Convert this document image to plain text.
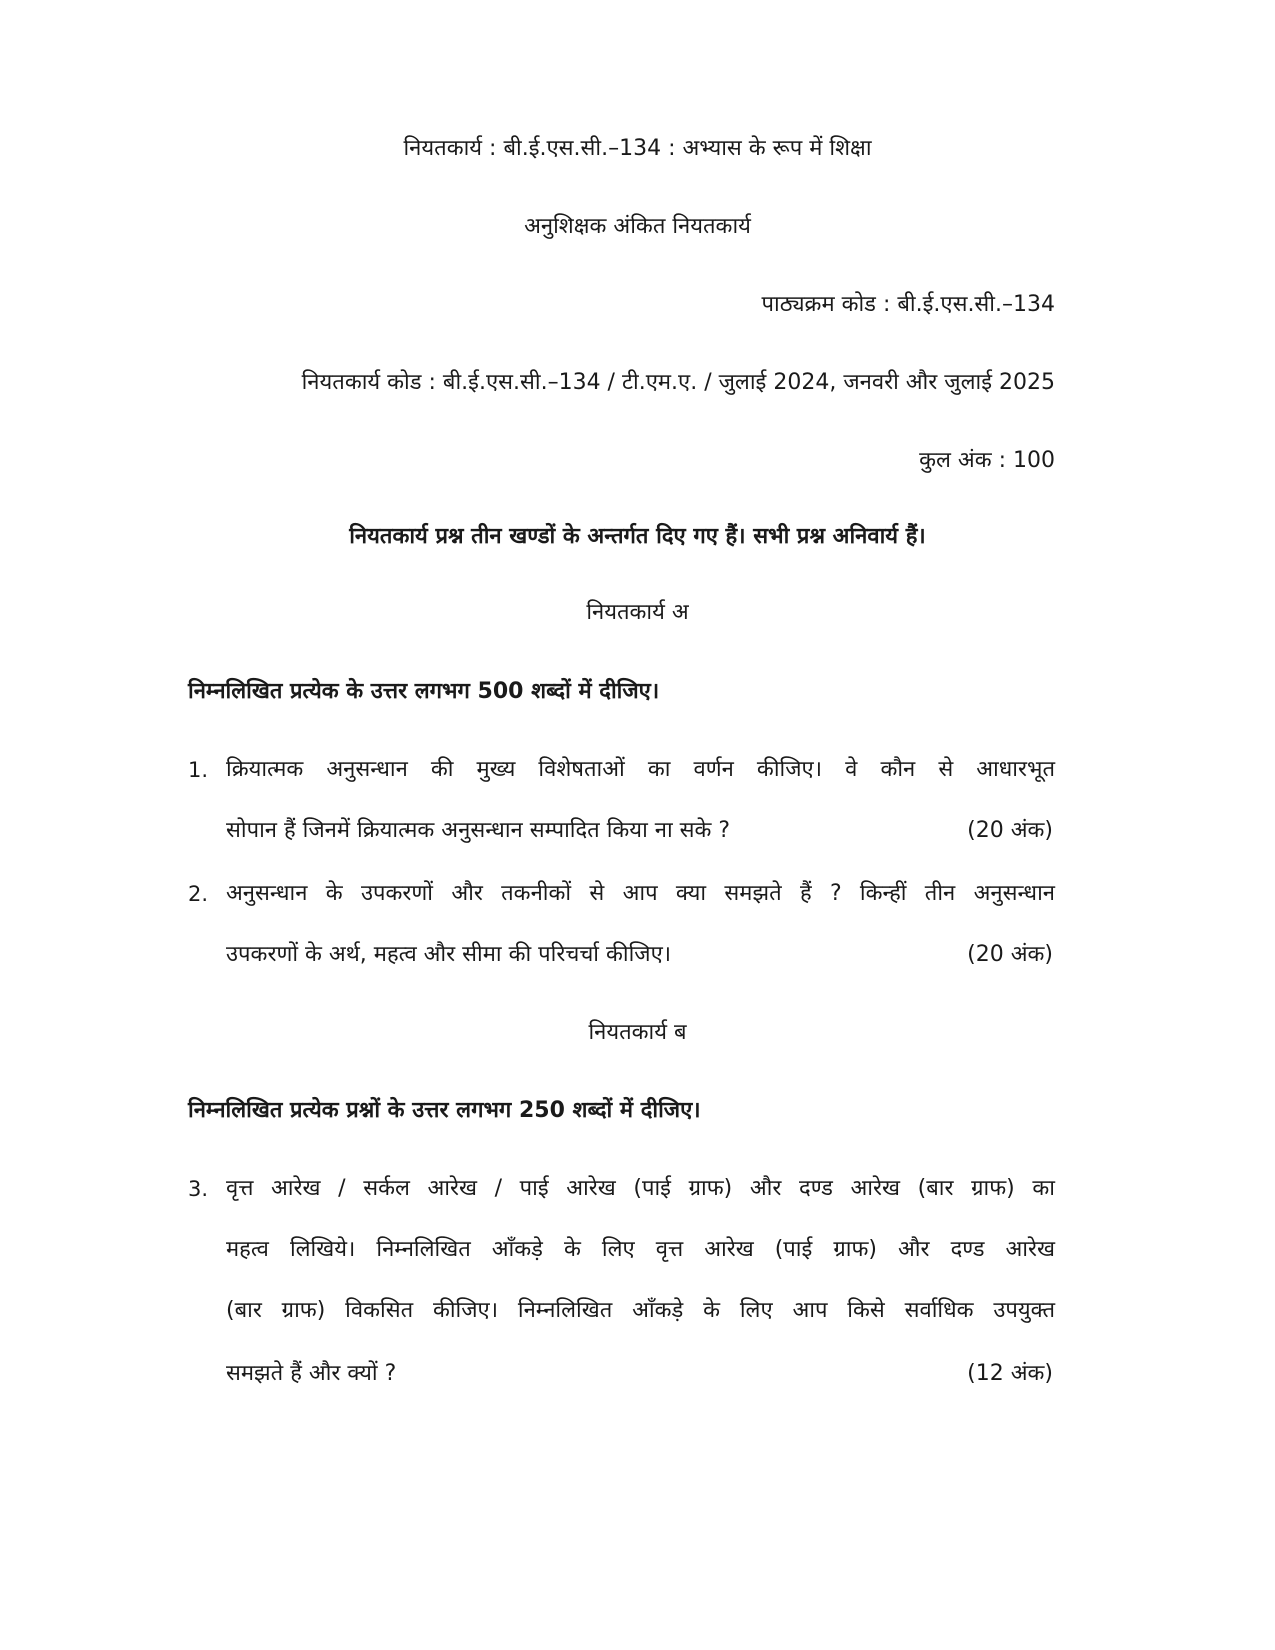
नियतकार्य : बी.ई.एस.सी.–134 : अभ्यास के रूप में शिक्षा
अनुशिक्षक अंकित नियतकार्य
पाठ्यक्रम कोड : बी.ई.एस.सी.–134
नियतकार्य कोड : बी.ई.एस.सी.–134 / टी.एम.ए. / जुलाई 2024, जनवरी और जुलाई 2025
कुल अंक : 100
नियतकार्य प्रश्न तीन खण्डों के अन्तर्गत दिए गए हैं। सभी प्रश्न अनिवार्य हैं।
नियतकार्य अ
निम्नलिखित प्रत्येक के उत्तर लगभग 500 शब्दों में दीजिए।
1. क्रियात्मक अनुसन्धान की मुख्य विशेषताओं का वर्णन कीजिए। वे कौन से आधारभूत
सोपान हैं जिनमें क्रियात्मक अनुसन्धान सम्पादित किया ना सके ?	(20 अंक)
2. अनुसन्धान के उपकरणों और तकनीकों से आप क्या समझते हैं ? किन्हीं तीन अनुसन्धान
उपकरणों के अर्थ, महत्व और सीमा की परिचर्चा कीजिए।	(20 अंक)
नियतकार्य ब
निम्नलिखित प्रत्येक प्रश्नों के उत्तर लगभग 250 शब्दों में दीजिए।
3. वृत्त आरेख / सर्कल आरेख / पाई आरेख (पाई ग्राफ) और दण्ड आरेख (बार ग्राफ) का
महत्व लिखिये। निम्नलिखित आँकड़े के लिए वृत्त आरेख (पाई ग्राफ) और दण्ड आरेख
(बार ग्राफ) विकसित कीजिए। निम्नलिखित आँकड़े के लिए आप किसे सर्वाधिक उपयुक्त
समझते हैं और क्यों ?	(12 अंक)
